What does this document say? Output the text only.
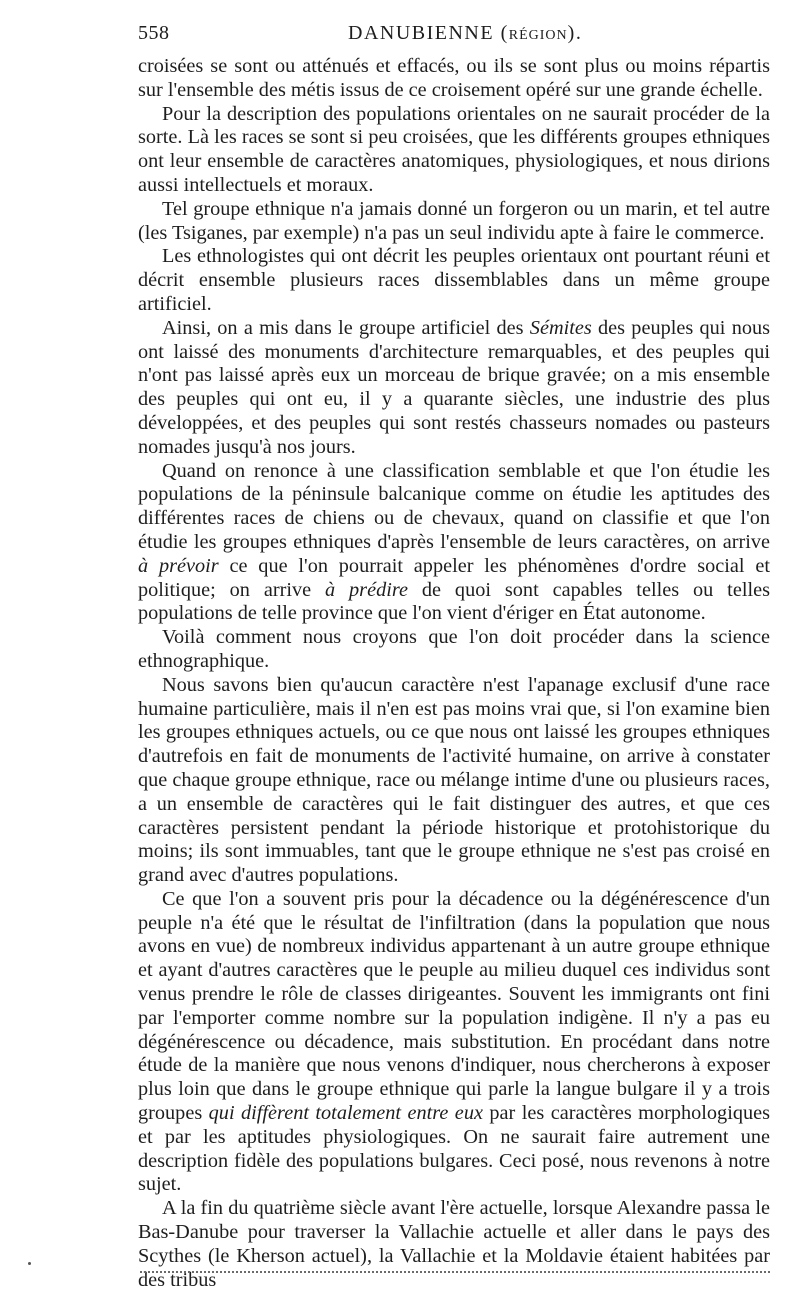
558	DANUBIENNE (RÉGION).

croisées se sont ou atténués et effacés, ou ils se sont plus ou moins répartis sur l'ensemble des métis issus de ce croisement opéré sur une grande échelle.

Pour la description des populations orientales on ne saurait procéder de la sorte. Là les races se sont si peu croisées, que les différents groupes ethniques ont leur ensemble de caractères anatomiques, physiologiques, et nous dirions aussi intellectuels et moraux.

Tel groupe ethnique n'a jamais donné un forgeron ou un marin, et tel autre (les Tsiganes, par exemple) n'a pas un seul individu apte à faire le commerce.

Les ethnologistes qui ont décrit les peuples orientaux ont pourtant réuni et décrit ensemble plusieurs races dissemblables dans un même groupe artificiel.

Ainsi, on a mis dans le groupe artificiel des Sémites des peuples qui nous ont laissé des monuments d'architecture remarquables, et des peuples qui n'ont pas laissé après eux un morceau de brique gravée; on a mis ensemble des peuples qui ont eu, il y a quarante siècles, une industrie des plus développées, et des peuples qui sont restés chasseurs nomades ou pasteurs nomades jusqu'à nos jours.

Quand on renonce à une classification semblable et que l'on étudie les populations de la péninsule balcanique comme on étudie les aptitudes des différentes races de chiens ou de chevaux, quand on classifie et que l'on étudie les groupes ethniques d'après l'ensemble de leurs caractères, on arrive à prévoir ce que l'on pourrait appeler les phénomènes d'ordre social et politique; on arrive à prédire de quoi sont capables telles ou telles populations de telle province que l'on vient d'ériger en État autonome.

Voilà comment nous croyons que l'on doit procéder dans la science ethnographique.

Nous savons bien qu'aucun caractère n'est l'apanage exclusif d'une race humaine particulière, mais il n'en est pas moins vrai que, si l'on examine bien les groupes ethniques actuels, ou ce que nous ont laissé les groupes ethniques d'autrefois en fait de monuments de l'activité humaine, on arrive à constater que chaque groupe ethnique, race ou mélange intime d'une ou plusieurs races, a un ensemble de caractères qui le fait distinguer des autres, et que ces caractères persistent pendant la période historique et protohistorique du moins; ils sont immuables, tant que le groupe ethnique ne s'est pas croisé en grand avec d'autres populations.

Ce que l'on a souvent pris pour la décadence ou la dégénérescence d'un peuple n'a été que le résultat de l'infiltration (dans la population que nous avons en vue) de nombreux individus appartenant à un autre groupe ethnique et ayant d'autres caractères que le peuple au milieu duquel ces individus sont venus prendre le rôle de classes dirigeantes. Souvent les immigrants ont fini par l'emporter comme nombre sur la population indigène. Il n'y a pas eu dégénérescence ou décadence, mais substitution. En procédant dans notre étude de la manière que nous venons d'indiquer, nous chercherons à exposer plus loin que dans le groupe ethnique qui parle la langue bulgare il y a trois groupes qui diffèrent totalement entre eux par les caractères morphologiques et par les aptitudes physiologiques. On ne saurait faire autrement une description fidèle des populations bulgares. Ceci posé, nous revenons à notre sujet.

A la fin du quatrième siècle avant l'ère actuelle, lorsque Alexandre passa le Bas-Danube pour traverser la Vallachie actuelle et aller dans le pays des Scythes (le Kherson actuel), la Vallachie et la Moldavie étaient habitées par des tribus
